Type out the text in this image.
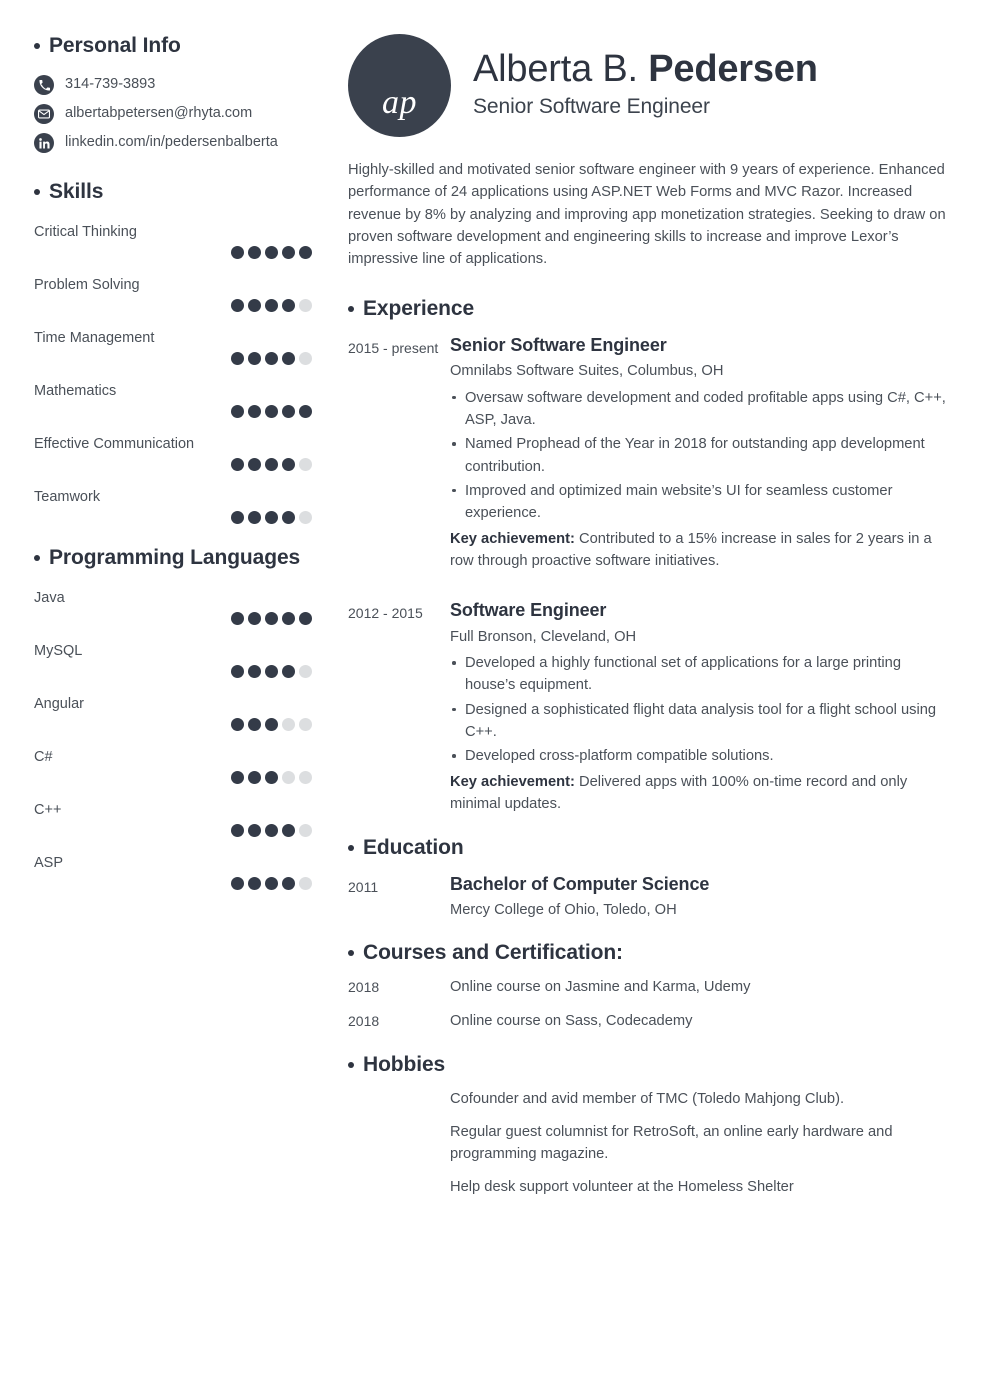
Personal Info
314-739-3893
albertabpetersen@rhyta.com
linkedin.com/in/pedersenbalberta
Skills
Critical Thinking
Problem Solving
Time Management
Mathematics
Effective Communication
Teamwork
Programming Languages
Java
MySQL
Angular
C#
C++
ASP
ap
Alberta B. Pedersen
Senior Software Engineer
Highly-skilled and motivated senior software engineer with 9 years of experience. Enhanced performance of 24 applications using ASP.NET Web Forms and MVC Razor. Increased revenue by 8% by analyzing and improving app monetization strategies. Seeking to draw on proven software development and engineering skills to increase and improve Lexor’s impressive line of applications.
Experience
2015 - present Senior Software Engineer
Omnilabs Software Suites, Columbus, OH
Oversaw software development and coded profitable apps using C#, C++, ASP, Java.
Named Prophead of the Year in 2018 for outstanding app development contribution.
Improved and optimized main website’s UI for seamless customer experience.
Key achievement: Contributed to a 15% increase in sales for 2 years in a row through proactive software initiatives.
2012 - 2015	Software Engineer
Full Bronson, Cleveland, OH
Developed a highly functional set of applications for a large printing house’s equipment.
Designed a sophisticated flight data analysis tool for a flight school using C++.
Developed cross-platform compatible solutions.
Key achievement: Delivered apps with 100% on-time record and only minimal updates.
Education
2011	Bachelor of Computer Science
Mercy College of Ohio, Toledo, OH
Courses and Certification:
2018	Online course on Jasmine and Karma, Udemy
2018	Online course on Sass, Codecademy
Hobbies
Cofounder and avid member of TMC (Toledo Mahjong Club).
Regular guest columnist for RetroSoft, an online early hardware and programming magazine.
Help desk support volunteer at the Homeless Shelter
